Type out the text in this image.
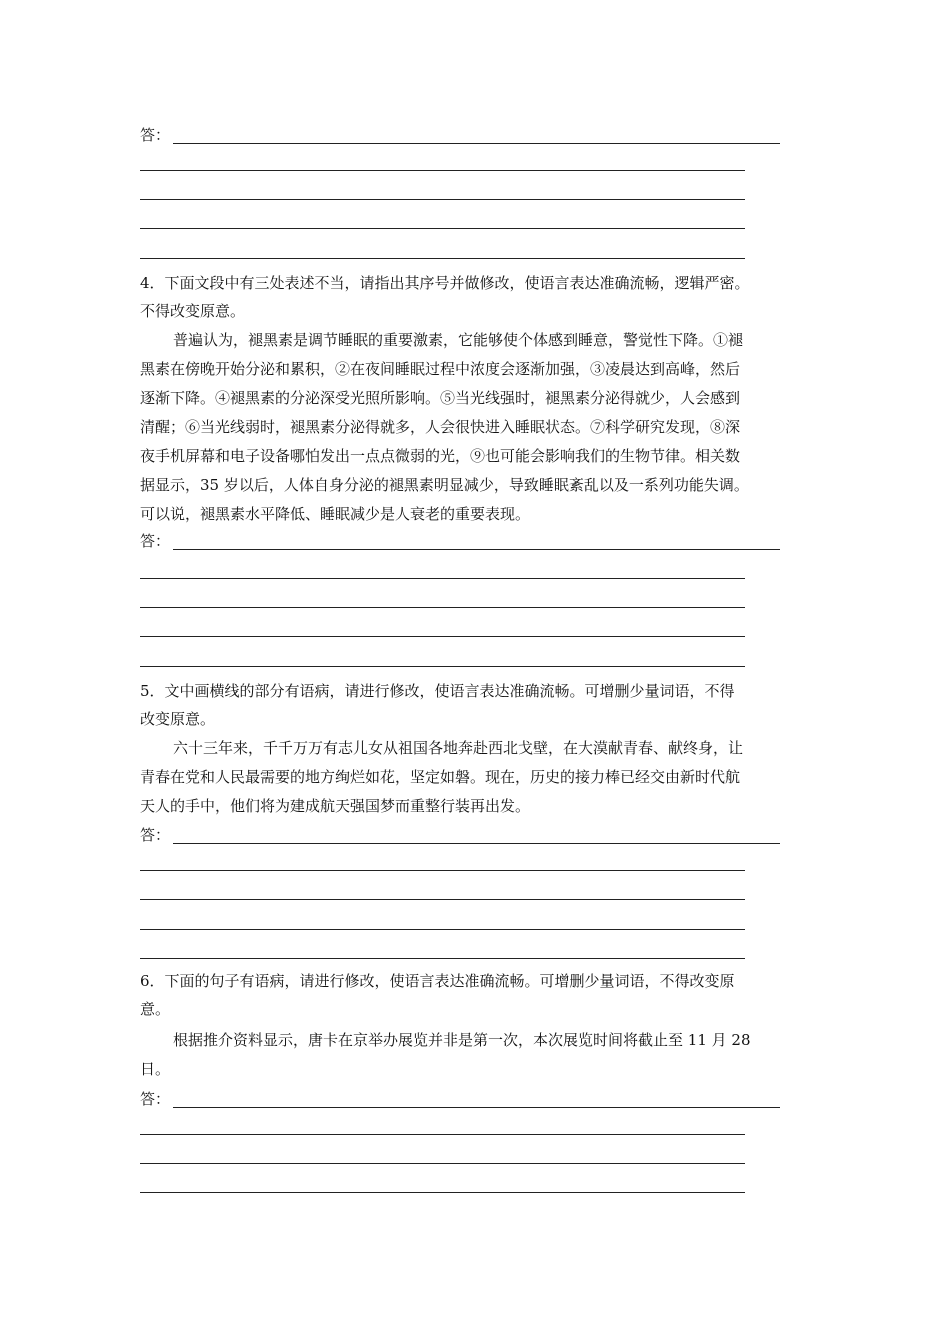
答：
4．下面文段中有三处表述不当，请指出其序号并做修改，使语言表达准确流畅，逻辑严密。
不得改变原意。
普遍认为，褪黑素是调节睡眠的重要激素，它能够使个体感到睡意，警觉性下降。①褪
黑素在傍晚开始分泌和累积，②在夜间睡眠过程中浓度会逐渐加强，③凌晨达到高峰，然后
逐渐下降。④褪黑素的分泌深受光照所影响。⑤当光线强时，褪黑素分泌得就少，人会感到
清醒；⑥当光线弱时，褪黑素分泌得就多，人会很快进入睡眠状态。⑦科学研究发现，⑧深
夜手机屏幕和电子设备哪怕发出一点点微弱的光，⑨也可能会影响我们的生物节律。相关数
据显示，35 岁以后，人体自身分泌的褪黑素明显减少，导致睡眠紊乱以及一系列功能失调。
可以说，褪黑素水平降低、睡眠减少是人衰老的重要表现。
答：
5．文中画横线的部分有语病，请进行修改，使语言表达准确流畅。可增删少量词语，不得
改变原意。
六十三年来，千千万万有志儿女从祖国各地奔赴西北戈壁，在大漠献青春、献终身，让
青春在党和人民最需要的地方绚烂如花，坚定如磐。现在，历史的接力棒已经交由新时代航
天人的手中，他们将为建成航天强国梦而重整行装再出发。
答：
6．下面的句子有语病，请进行修改，使语言表达准确流畅。可增删少量词语，不得改变原
意。
根据推介资料显示，唐卡在京举办展览并非是第一次，本次展览时间将截止至 11 月 28
日。
答：
